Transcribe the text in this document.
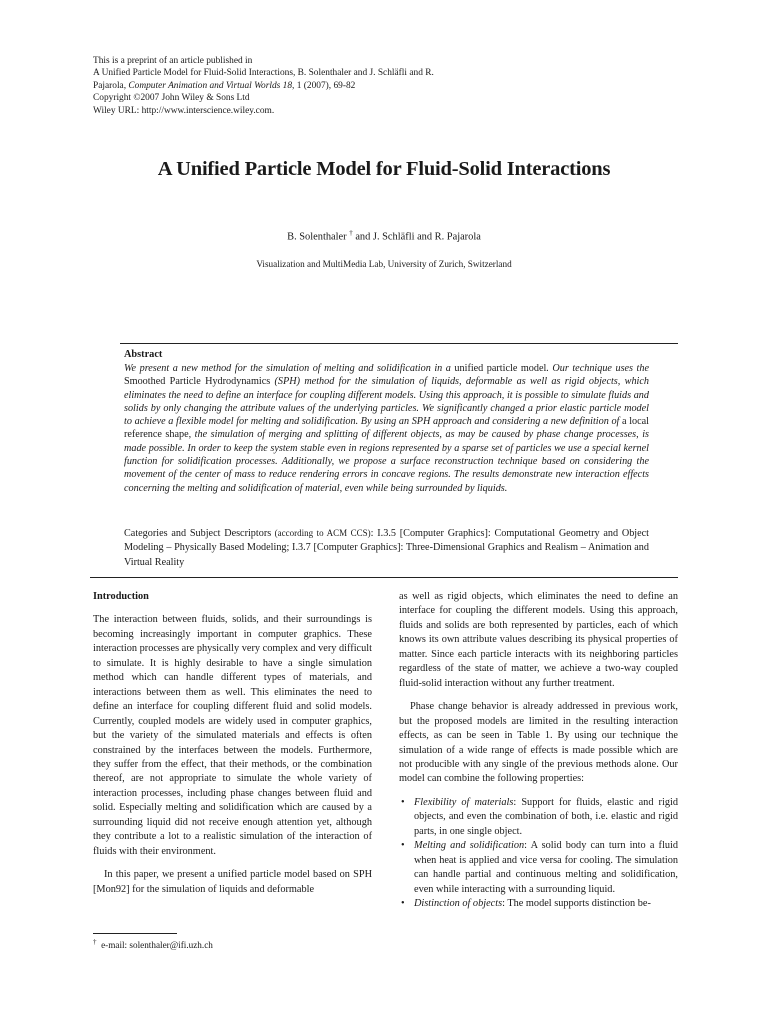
This is a preprint of an article published in
A Unified Particle Model for Fluid-Solid Interactions, B. Solenthaler and J. Schläfli and R.
Pajarola, Computer Animation and Virtual Worlds 18, 1 (2007), 69-82
Copyright ©2007 John Wiley & Sons Ltd
Wiley URL: http://www.interscience.wiley.com.
A Unified Particle Model for Fluid-Solid Interactions
B. Solenthaler † and J. Schläfli and R. Pajarola
Visualization and MultiMedia Lab, University of Zurich, Switzerland
Abstract
We present a new method for the simulation of melting and solidification in a unified particle model. Our technique uses the Smoothed Particle Hydrodynamics (SPH) method for the simulation of liquids, deformable as well as rigid objects, which eliminates the need to define an interface for coupling different models. Using this approach, it is possible to simulate fluids and solids by only changing the attribute values of the underlying particles. We significantly changed a prior elastic particle model to achieve a flexible model for melting and solidification. By using an SPH approach and considering a new definition of a local reference shape, the simulation of merging and splitting of different objects, as may be caused by phase change processes, is made possible. In order to keep the system stable even in regions represented by a sparse set of particles we use a special kernel function for solidification processes. Additionally, we propose a surface reconstruction technique based on considering the movement of the center of mass to reduce rendering errors in concave regions. The results demonstrate new interaction effects concerning the melting and solidification of material, even while being surrounded by liquids.
Categories and Subject Descriptors (according to ACM CCS): I.3.5 [Computer Graphics]: Computational Geometry and Object Modeling – Physically Based Modeling; I.3.7 [Computer Graphics]: Three-Dimensional Graphics and Realism – Animation and Virtual Reality
Introduction

The interaction between fluids, solids, and their surroundings is becoming increasingly important in computer graphics. These interaction processes are physically very complex and very difficult to simulate. It is highly desirable to have a single simulation method which can handle different types of materials, and interactions between them as well. This eliminates the need to define an interface for coupling different fluid and solid models. Currently, coupled models are widely used in computer graphics, but the variety of the simulated materials and effects is often constrained by the interfaces between the models. Furthermore, they suffer from the effect, that their methods, or the combination thereof, are not appropriate to simulate the whole variety of interaction processes, including phase changes between fluid and solid. Especially melting and solidification which are caused by a surrounding liquid did not receive enough attention yet, although they contribute a lot to a realistic simulation of the interaction of fluids with their environment.

In this paper, we present a unified particle model based on SPH [Mon92] for the simulation of liquids and deformable

as well as rigid objects, which eliminates the need to define an interface for coupling the different models. Using this approach, fluids and solids are both represented by particles, each of which knows its own attribute values describing its physical properties of matter. Since each particle interacts with its neighboring particles regardless of the state of matter, we achieve a two-way coupled fluid-solid interaction without any further treatment.

Phase change behavior is already addressed in previous work, but the proposed models are limited in the resulting interaction effects, as can be seen in Table 1. By using our technique the simulation of a wide range of effects is made possible which are not producible with any single of the previous methods alone. Our model can combine the following properties:

• Flexibility of materials: Support for fluids, elastic and rigid objects, and even the combination of both, i.e. elastic and rigid parts, in one single object.
• Melting and solidification: A solid body can turn into a fluid when heat is applied and vice versa for cooling. The simulation can handle partial and continuous melting and solidification, even while interacting with a surrounding liquid.
• Distinction of objects: The model supports distinction be-
† e-mail: solenthaler@ifi.uzh.ch
